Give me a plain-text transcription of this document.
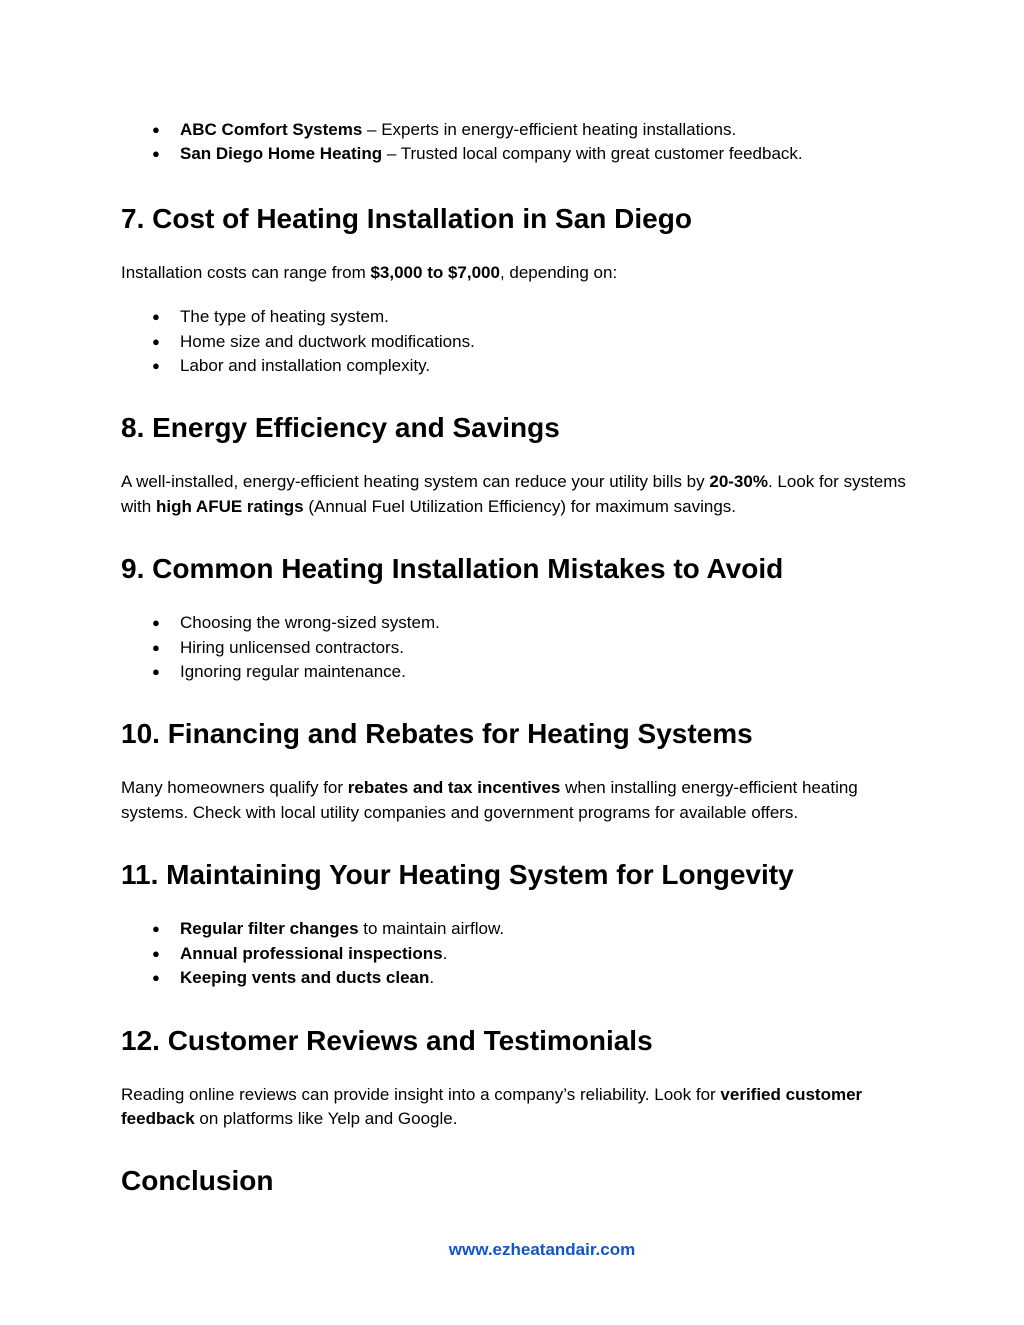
● ABC Comfort Systems – Experts in energy-efficient heating installations.
● San Diego Home Heating – Trusted local company with great customer feedback.
7. Cost of Heating Installation in San Diego

Installation costs can range from $3,000 to $7,000, depending on:

● The type of heating system.
● Home size and ductwork modifications.
● Labor and installation complexity.
8. Energy Efficiency and Savings

A well-installed, energy-efficient heating system can reduce your utility bills by 20-30%. Look for systems with high AFUE ratings (Annual Fuel Utilization Efficiency) for maximum savings.

9. Common Heating Installation Mistakes to Avoid
● Choosing the wrong-sized system.
● Hiring unlicensed contractors.
● Ignoring regular maintenance.
10. Financing and Rebates for Heating Systems

Many homeowners qualify for rebates and tax incentives when installing energy-efficient heating systems. Check with local utility companies and government programs for available offers.

11. Maintaining Your Heating System for Longevity
● Regular filter changes to maintain airflow.
● Annual professional inspections.
● Keeping vents and ducts clean.
12. Customer Reviews and Testimonials

Reading online reviews can provide insight into a company’s reliability. Look for verified customer feedback on platforms like Yelp and Google.

Conclusion
www.ezheatandair.com
